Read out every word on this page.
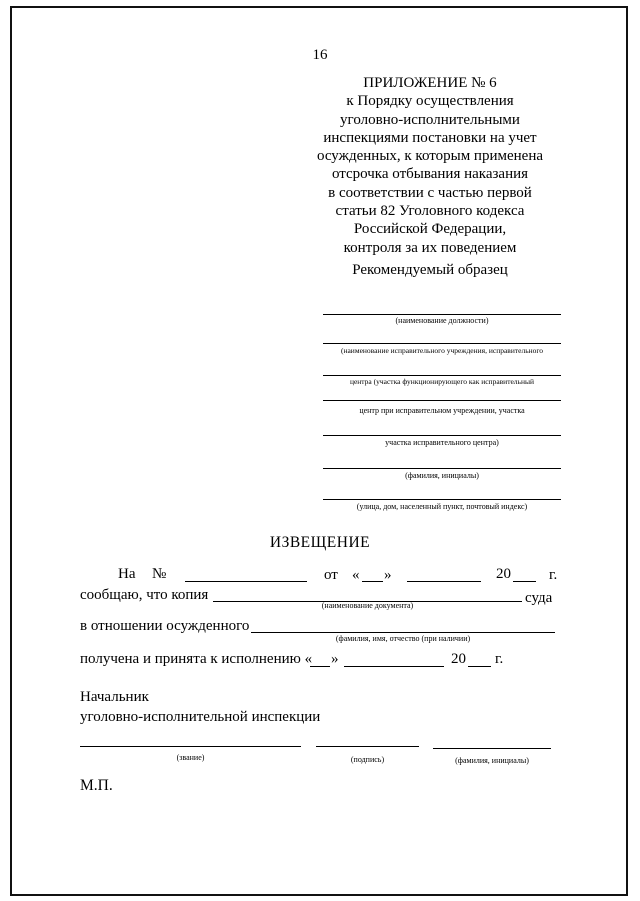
16
ПРИЛОЖЕНИЕ № 6
к Порядку осуществления
уголовно-исполнительными
инспекциями постановки на учет
осужденных, к которым применена
отсрочка отбывания наказания
в соответствии с частью первой
статьи 82 Уголовного кодекса
Российской Федерации,
контроля за их поведением
Рекомендуемый образец
(наименование должности)
(наименование исправительного учреждения, исправительного
центра (участка функционирующего как исправительный
центр при исправительном учреждении, участка
участка исправительного центра)
(фамилия, инициалы)
(улица, дом, населенный пункт, почтовый индекс)
ИЗВЕЩЕНИЕ
На №	от « »	20	г.
сообщаю, что копия
(наименование документа)	суда
в отношении осужденного
(фамилия, имя, отчество (при наличии)
получена и принята к исполнению « »	20 г.
Начальник
уголовно-исполнительной инспекции
(звание)	(подпись)	(фамилия, инициалы)
М.П.
